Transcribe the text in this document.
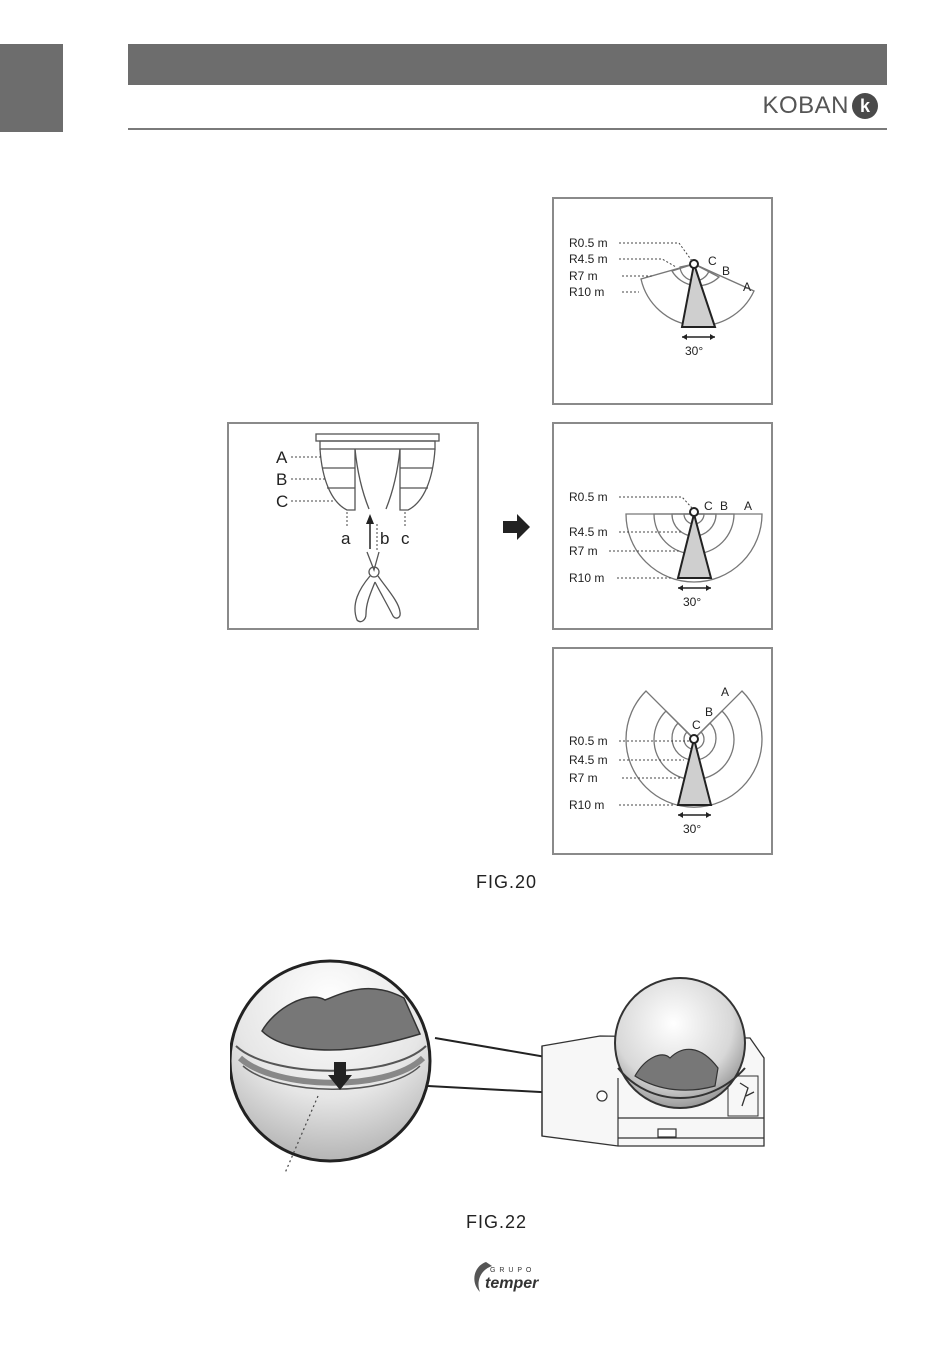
KOBAN k
R0.5 m
R4.5 m
R7 m
R10 m
C
B
A
30°
A
B
C
a b c
R0.5 m
R4.5 m
R7 m
R10 m
C B A
30°
R0.5 m
R4.5 m
R7 m
R10 m
C
B
A
30°
FIG.20
FIG.22
G R U P O
temper
